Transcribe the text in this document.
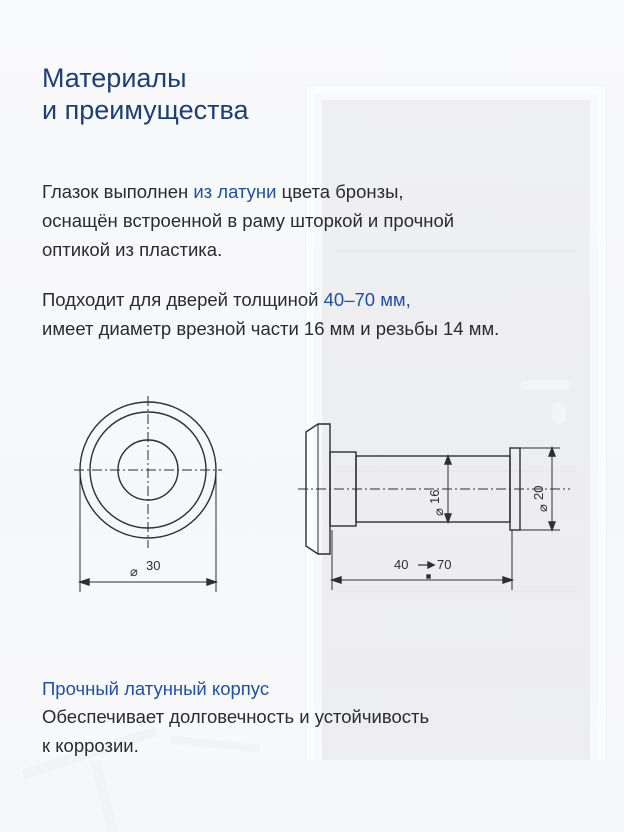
Материалы
и преимущества
Глазок выполнен из латуни цвета бронзы,
оснащён встроенной в раму шторкой и прочной
оптикой из пластика.
Подходит для дверей толщиной 40–70 мм,
имеет диаметр врезной части 16 мм и резьбы 14 мм.
⌀ 30
⌀
16
⌀
20
40 70
Прочный латунный корпус
Обеспечивает долговечность и устойчивость
к коррозии.
